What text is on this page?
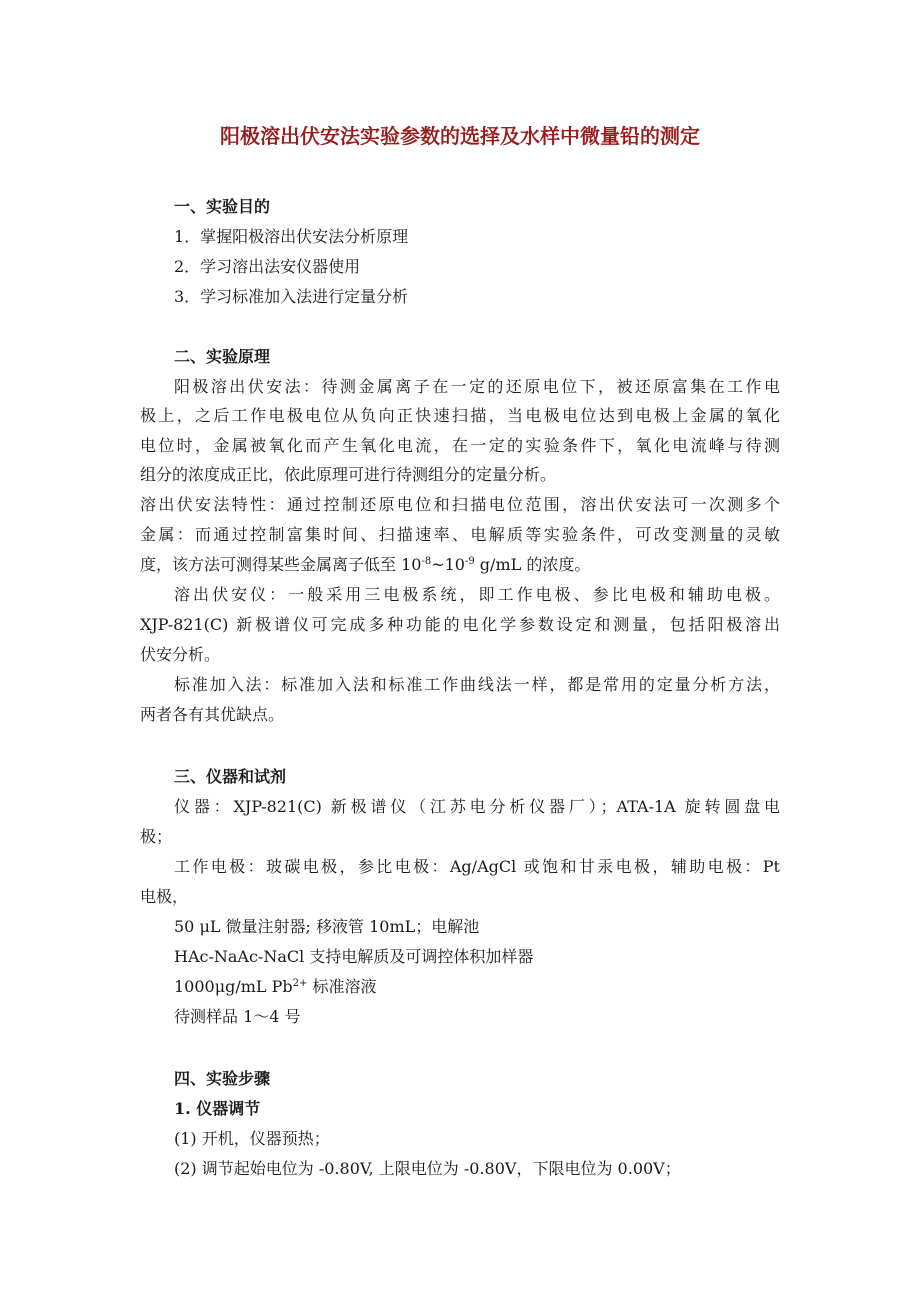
阳极溶出伏安法实验参数的选择及水样中微量铅的测定
一、实验目的
1．掌握阳极溶出伏安法分析原理
2．学习溶出法安仪器使用
3．学习标准加入法进行定量分析
二、实验原理
阳极溶出伏安法：待测金属离子在一定的还原电位下，被还原富集在工作电
极上，之后工作电极电位从负向正快速扫描，当电极电位达到电极上金属的氧化
电位时，金属被氧化而产生氧化电流，在一定的实验条件下，氧化电流峰与待测
组分的浓度成正比，依此原理可进行待测组分的定量分析。
溶出伏安法特性：通过控制还原电位和扫描电位范围，溶出伏安法可一次测多个
金属：而通过控制富集时间、扫描速率、电解质等实验条件，可改变测量的灵敏
度，该方法可测得某些金属离子低至 $10^{-8}\sim 10^{-9}$ g/mL 的浓度。
溶出伏安仪：一般采用三电极系统，即工作电极、参比电极和辅助电极。
XJP-821(C) 新极谱仪可完成多种功能的电化学参数设定和测量，包括阳极溶出
伏安分析。
标准加入法：标准加入法和标准工作曲线法一样，都是常用的定量分析方法，
两者各有其优缺点。
三、仪器和试剂
仪器：XJP-821(C) 新极谱仪（江苏电分析仪器厂）；ATA-1A 旋转圆盘电
极；
工作电极：玻碳电极，参比电极：Ag/AgCl 或饱和甘汞电极，辅助电极：Pt
电极，
50 μL 微量注射器; 移液管 10mL；电解池
HAc-NaAc-NaCl 支持电解质及可调控体积加样器
1000μg/mL $Pb^{2+}$ 标准溶液
待测样品 1～4 号
四、实验步骤
1. 仪器调节
(1) 开机，仪器预热；
(2) 调节起始电位为 -0.80V, 上限电位为 -0.80V，下限电位为 0.00V；
